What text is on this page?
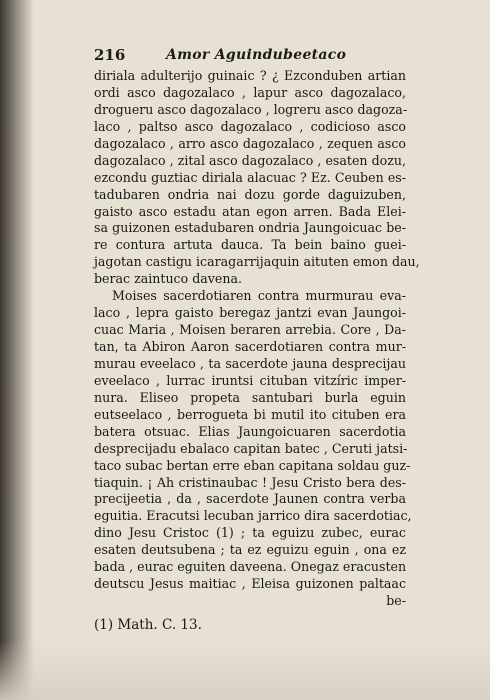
216	Amor Aguindubeetaco
diriala adulterijo guinaic ? ¿ Ezconduben artian
ordi asco dagozalaco , lapur asco dagozalaco,
drogueru asco dagozalaco , logreru asco dagoza-
laco , paltso asco dagozalaco , codicioso asco
dagozalaco , arro asco dagozalaco , zequen asco
dagozalaco , zital asco dagozalaco , esaten dozu,
ezcondu guztiac diriala alacuac ? Ez. Ceuben es-
tadubaren ondria nai dozu gorde daguizuben,
gaisto asco estadu atan egon arren. Bada Elei-
sa guizonen estadubaren ondria Jaungoicuac be-
re contura artuta dauca. Ta bein baino guei-
jagotan castigu icaragarrijaquin aituten emon dau,
berac zaintuco davena.
Moises sacerdotiaren contra murmurau eva-
laco , lepra gaisto beregaz jantzi evan Jaungoi-
cuac Maria , Moisen beraren arrebia. Core , Da-
tan, ta Abiron Aaron sacerdotiaren contra mur-
murau eveelaco , ta sacerdote jauna desprecijau
eveelaco , lurrac iruntsi cituban vitzíric imper-
nura. Eliseo propeta santubari burla eguin
eutseelaco , berrogueta bi mutil ito cituben era
batera otsuac. Elias Jaungoicuaren sacerdotia
desprecijadu ebalaco capitan batec , Ceruti jatsi-
taco subac bertan erre eban capitana soldau guz-
tiaquin. ¡ Ah cristinaubac ! Jesu Cristo bera des-
precijeetia , da , sacerdote Jaunen contra verba
eguitia. Eracutsi lecuban jarrico dira sacerdotiac,
dino Jesu Cristoc (1) ; ta eguizu zubec, eurac
esaten deutsubena ; ta ez eguizu eguin , ona ez
bada , eurac eguiten daveena. Onegaz eracusten
deutscu Jesus maitiac , Eleisa guizonen paltaac
be-
(1) Math. C. 13.
